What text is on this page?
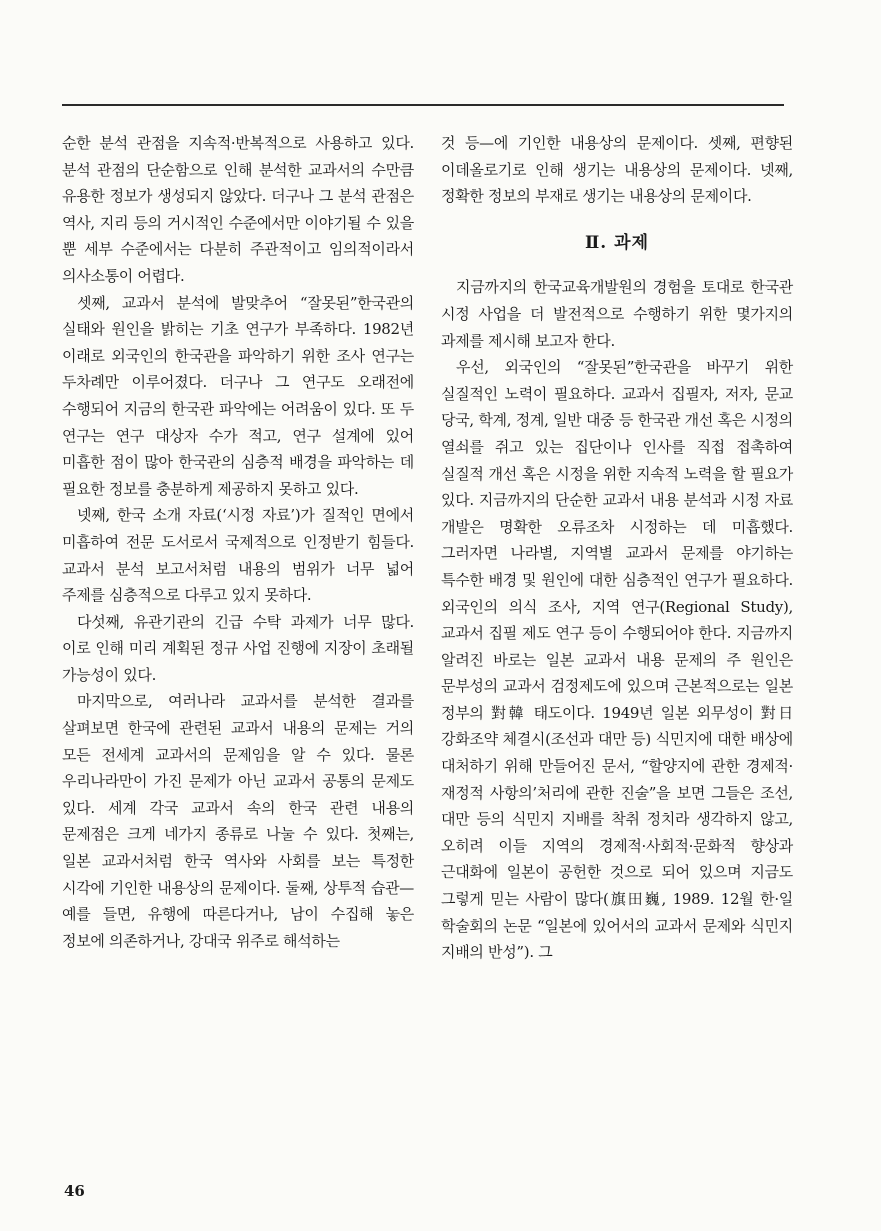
순한 분석 관점을 지속적·반복적으로 사용하고 있다. 분석 관점의 단순함으로 인해 분석한 교과서의 수만큼 유용한 정보가 생성되지 않았다. 더구나 그 분석 관점은 역사, 지리 등의 거시적인 수준에서만 이야기될 수 있을 뿐 세부 수준에서는 다분히 주관적이고 임의적이라서 의사소통이 어렵다.

셋째, 교과서 분석에 발맞추어 “잘못된”한국관의 실태와 원인을 밝히는 기초 연구가 부족하다. 1982년 이래로 외국인의 한국관을 파악하기 위한 조사 연구는 두차례만 이루어졌다. 더구나 그 연구도 오래전에 수행되어 지금의 한국관 파악에는 어려움이 있다. 또 두 연구는 연구 대상자 수가 적고, 연구 설계에 있어 미흡한 점이 많아 한국관의 심층적 배경을 파악하는 데 필요한 정보를 충분하게 제공하지 못하고 있다.

넷째, 한국 소개 자료(‘시정 자료’)가 질적인 면에서 미흡하여 전문 도서로서 국제적으로 인정받기 힘들다. 교과서 분석 보고서처럼 내용의 범위가 너무 넓어 주제를 심층적으로 다루고 있지 못하다.

다섯째, 유관기관의 긴급 수탁 과제가 너무 많다. 이로 인해 미리 계획된 정규 사업 진행에 지장이 초래될 가능성이 있다.

마지막으로, 여러나라 교과서를 분석한 결과를 살펴보면 한국에 관련된 교과서 내용의 문제는 거의 모든 전세계 교과서의 문제임을 알 수 있다. 물론 우리나라만이 가진 문제가 아닌 교과서 공통의 문제도 있다. 세계 각국 교과서 속의 한국 관련 내용의 문제점은 크게 네가지 종류로 나눌 수 있다. 첫째는, 일본 교과서처럼 한국 역사와 사회를 보는 특정한 시각에 기인한 내용상의 문제이다. 둘째, 상투적 습관—예를 들면, 유행에 따른다거나, 남이 수집해 놓은 정보에 의존하거나, 강대국 위주로 해석하는

것 등—에 기인한 내용상의 문제이다. 셋째, 편향된 이데올로기로 인해 생기는 내용상의 문제이다. 넷째, 정확한 정보의 부재로 생기는 내용상의 문제이다.

Ⅱ. 과제

지금까지의 한국교육개발원의 경험을 토대로 한국관 시정 사업을 더 발전적으로 수행하기 위한 몇가지의 과제를 제시해 보고자 한다.

우선, 외국인의 “잘못된”한국관을 바꾸기 위한 실질적인 노력이 필요하다. 교과서 집필자, 저자, 문교 당국, 학계, 정계, 일반 대중 등 한국관 개선 혹은 시정의 열쇠를 쥐고 있는 집단이나 인사를 직접 접촉하여 실질적 개선 혹은 시정을 위한 지속적 노력을 할 필요가 있다. 지금까지의 단순한 교과서 내용 분석과 시정 자료 개발은 명확한 오류조차 시정하는 데 미흡했다. 그러자면 나라별, 지역별 교과서 문제를 야기하는 특수한 배경 및 원인에 대한 심층적인 연구가 필요하다. 외국인의 의식 조사, 지역 연구(Regional Study), 교과서 집필 제도 연구 등이 수행되어야 한다. 지금까지 알려진 바로는 일본 교과서 내용 문제의 주 원인은 문부성의 교과서 검정제도에 있으며 근본적으로는 일본 정부의 對韓 태도이다. 1949년 일본 외무성이 對日 강화조약 체결시(조선과 대만 등) 식민지에 대한 배상에 대처하기 위해 만들어진 문서, “할양지에 관한 경제적·재정적 사항의’처리에 관한 진술”을 보면 그들은 조선, 대만 등의 식민지 지배를 착취 정치라 생각하지 않고, 오히려 이들 지역의 경제적·사회적·문화적 향상과 근대화에 일본이 공헌한 것으로 되어 있으며 지금도 그렇게 믿는 사람이 많다(旗田巍, 1989. 12월 한·일 학술회의 논문 “일본에 있어서의 교과서 문제와 식민지 지배의 반성”). 그

46
